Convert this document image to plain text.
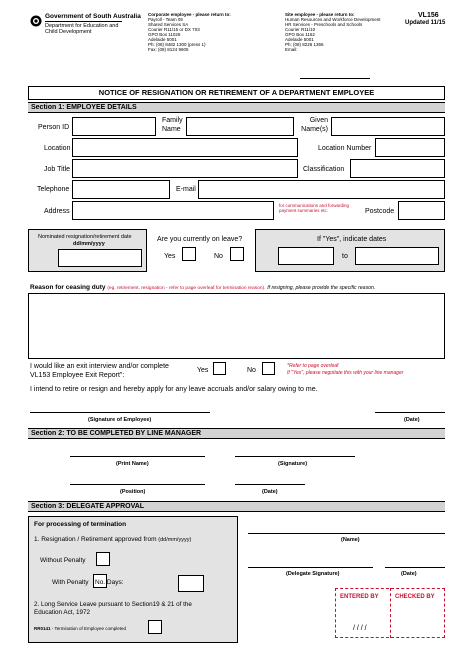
Government of South Australia
Department for Education and
Child Development
Corporate employee - please return to:
Payroll - Team 05
Shared Services SA
Courier R11/15 or DX 703
GPO Box 11026
Adelaide 5001
Ph: (08) 8482 1300 (press 1)
Fax: (08) 8124 9605
Site employee - please return to:
Human Resources and Workforce Development
HR Services - Preschools and Schools
Courier R11/10
GPO Box 1152
Adelaide 5001
Ph: (08) 8226 1366
Email:
VL156
Updated 11/15
NOTICE OF RESIGNATION OR RETIREMENT OF A DEPARTMENT EMPLOYEE
Section 1: EMPLOYEE DETAILS
Person ID
Family Name
Given Name(s)
Location	Location Number
Job Title	Classification
Telephone	E-mail
Address
for communications and forwarding payment summaries etc.	Postcode
Nominated resignation/retirement date
dd/mm/yyyy
Are you currently on leave?
Yes	No
If "Yes", indicate dates
to
Reason for ceasing duty (eg. retirement, resignation - refer to page overleaf for termination reason). If resigning, please provide the specific reason.
I would like an exit interview and/or complete
VL153 Employee Exit Report":
Yes	No
*Refer to page overleaf
If "Yes", please negotiate this with your line manager
I intend to retire or resign and hereby apply for any leave accruals and/or salary owing to me.
(Signature of Employee)	(Date)
Section 2: TO BE COMPLETED BY LINE MANAGER
(Print Name)	(Signature)
(Position)	(Date)
Section 3: DELEGATE APPROVAL
For processing of termination
1. Resignation / Retirement approved from (dd/mm/yyyy)
Without Penalty
With Penalty No. Days:
2. Long Service Leave pursuant to Section19 & 21 of the
Education Act, 1972
RR0141 - Termination of Employee completed
(Name)
(Delegate Signature)	(Date)
ENTERED BY	CHECKED BY
/ / / /
